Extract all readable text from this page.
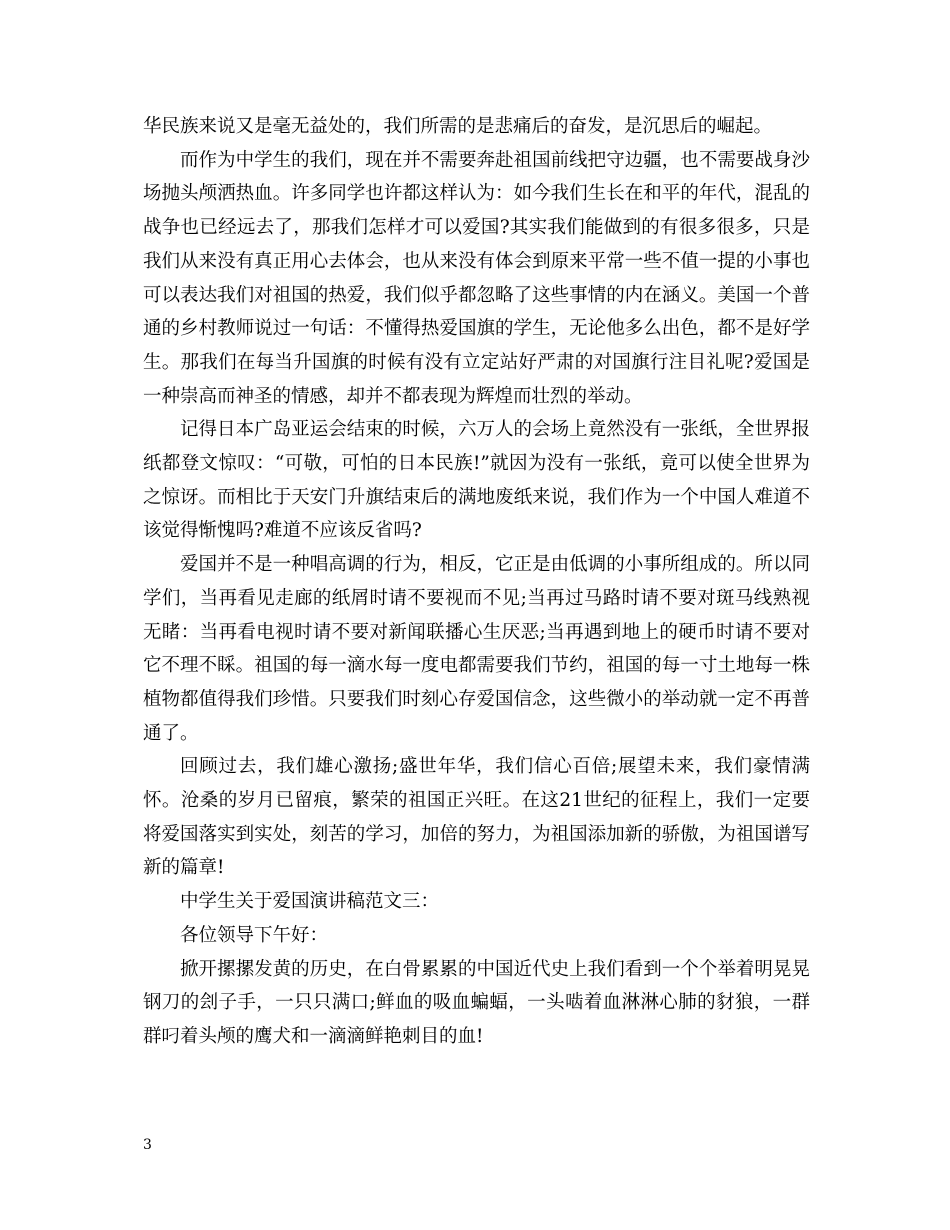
华民族来说又是毫无益处的，我们所需的是悲痛后的奋发，是沉思后的崛起。

而作为中学生的我们，现在并不需要奔赴祖国前线把守边疆，也不需要战身沙场抛头颅洒热血。许多同学也许都这样认为：如今我们生长在和平的年代，混乱的战争也已经远去了，那我们怎样才可以爱国?其实我们能做到的有很多很多，只是我们从来没有真正用心去体会，也从来没有体会到原来平常一些不值一提的小事也可以表达我们对祖国的热爱，我们似乎都忽略了这些事情的内在涵义。美国一个普通的乡村教师说过一句话：不懂得热爱国旗的学生，无论他多么出色，都不是好学生。那我们在每当升国旗的时候有没有立定站好严肃的对国旗行注目礼呢?爱国是一种崇高而神圣的情感，却并不都表现为辉煌而壮烈的举动。

记得日本广岛亚运会结束的时候，六万人的会场上竟然没有一张纸，全世界报纸都登文惊叹：“可敬，可怕的日本民族!”就因为没有一张纸，竟可以使全世界为之惊讶。而相比于天安门升旗结束后的满地废纸来说，我们作为一个中国人难道不该觉得惭愧吗?难道不应该反省吗?

爱国并不是一种唱高调的行为，相反，它正是由低调的小事所组成的。所以同学们，当再看见走廊的纸屑时请不要视而不见;当再过马路时请不要对斑马线熟视无睹：当再看电视时请不要对新闻联播心生厌恶;当再遇到地上的硬币时请不要对它不理不睬。祖国的每一滴水每一度电都需要我们节约，祖国的每一寸土地每一株植物都值得我们珍惜。只要我们时刻心存爱国信念，这些微小的举动就一定不再普通了。

回顾过去，我们雄心激扬;盛世年华，我们信心百倍;展望未来，我们豪情满怀。沧桑的岁月已留痕，繁荣的祖国正兴旺。在这21世纪的征程上，我们一定要将爱国落实到实处，刻苦的学习，加倍的努力，为祖国添加新的骄傲，为祖国谱写新的篇章!

中学生关于爱国演讲稿范文三：

各位领导下午好：

掀开摞摞发黄的历史，在白骨累累的中国近代史上我们看到一个个举着明晃晃钢刀的刽子手，一只只满口;鲜血的吸血蝙蝠，一头啮着血淋淋心肺的豺狼，一群群叼着头颅的鹰犬和一滴滴鲜艳刺目的血!

3
